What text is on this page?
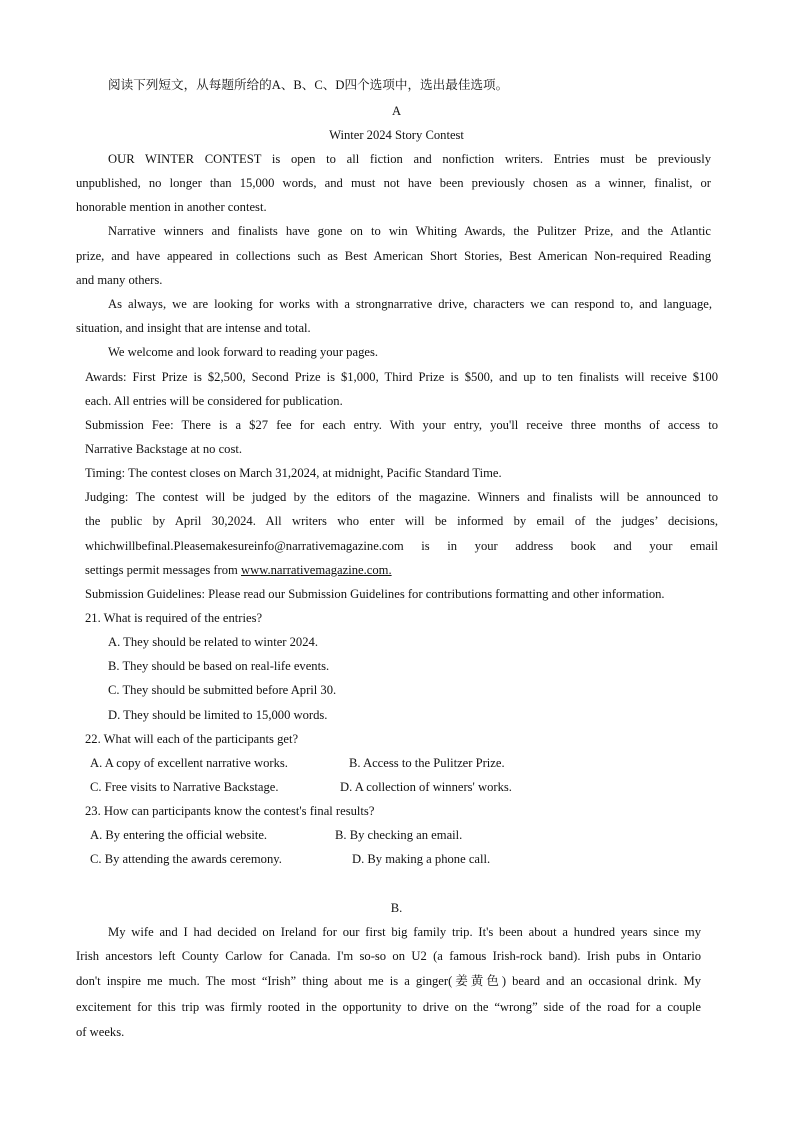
阅读下列短文，从每题所给的A、B、C、D四个选项中，选出最佳选项。
A
Winter 2024 Story Contest
OUR WINTER CONTEST is open to all fiction and nonfiction writers. Entries must be previously
unpublished, no longer than 15,000 words, and must not have been previously chosen as a winner, finalist, or
honorable mention in another contest.
Narrative winners and finalists have gone on to win Whiting Awards, the Pulitzer Prize, and the Atlantic
prize, and have appeared in collections such as Best American Short Stories, Best American Non-required Reading
and many others.
As always, we are looking for works with a strongnarrative drive, characters we can respond to, and language,
situation, and insight that are intense and total.
We welcome and look forward to reading your pages.
Awards: First Prize is $2,500, Second Prize is $1,000, Third Prize is $500, and up to ten finalists will receive $100
each. All entries will be considered for publication.
Submission Fee: There is a $27 fee for each entry. With your entry, you'll receive three months of access to
Narrative Backstage at no cost.
Timing: The contest closes on March 31,2024, at midnight, Pacific Standard Time.
Judging: The contest will be judged by the editors of the magazine. Winners and finalists will be announced to
the public by April 30,2024. All writers who enter will be informed by email of the judges’ decisions,
whichwillbefinal.Pleasemakesureinfo@narrativemagazine.com is in your address book and your email
settings permit messages from www.narrativemagazine.com.
Submission Guidelines: Please read our Submission Guidelines for contributions formatting and other information.
21. What is required of the entries?
A. They should be related to winter 2024.
B. They should be based on real-life events.
C. They should be submitted before April 30.
D. They should be limited to 15,000 words.
22. What will each of the participants get?
A. A copy of excellent narrative works.	B. Access to the Pulitzer Prize.
C. Free visits to Narrative Backstage.	D. A collection of winners' works.
23. How can participants know the contest's final results?
A. By entering the official website.	B. By checking an email.
C. By attending the awards ceremony.	D. By making a phone call.
B.
My wife and I had decided on Ireland for our first big family trip. It's been about a hundred years since my
Irish ancestors left County Carlow for Canada. I'm so-so on U2 (a famous Irish-rock band). Irish pubs in Ontario
don't inspire me much. The most “Irish” thing about me is a ginger(姜黄色) beard and an occasional drink. My
excitement for this trip was firmly rooted in the opportunity to drive on the “wrong” side of the road for a couple
of weeks.
